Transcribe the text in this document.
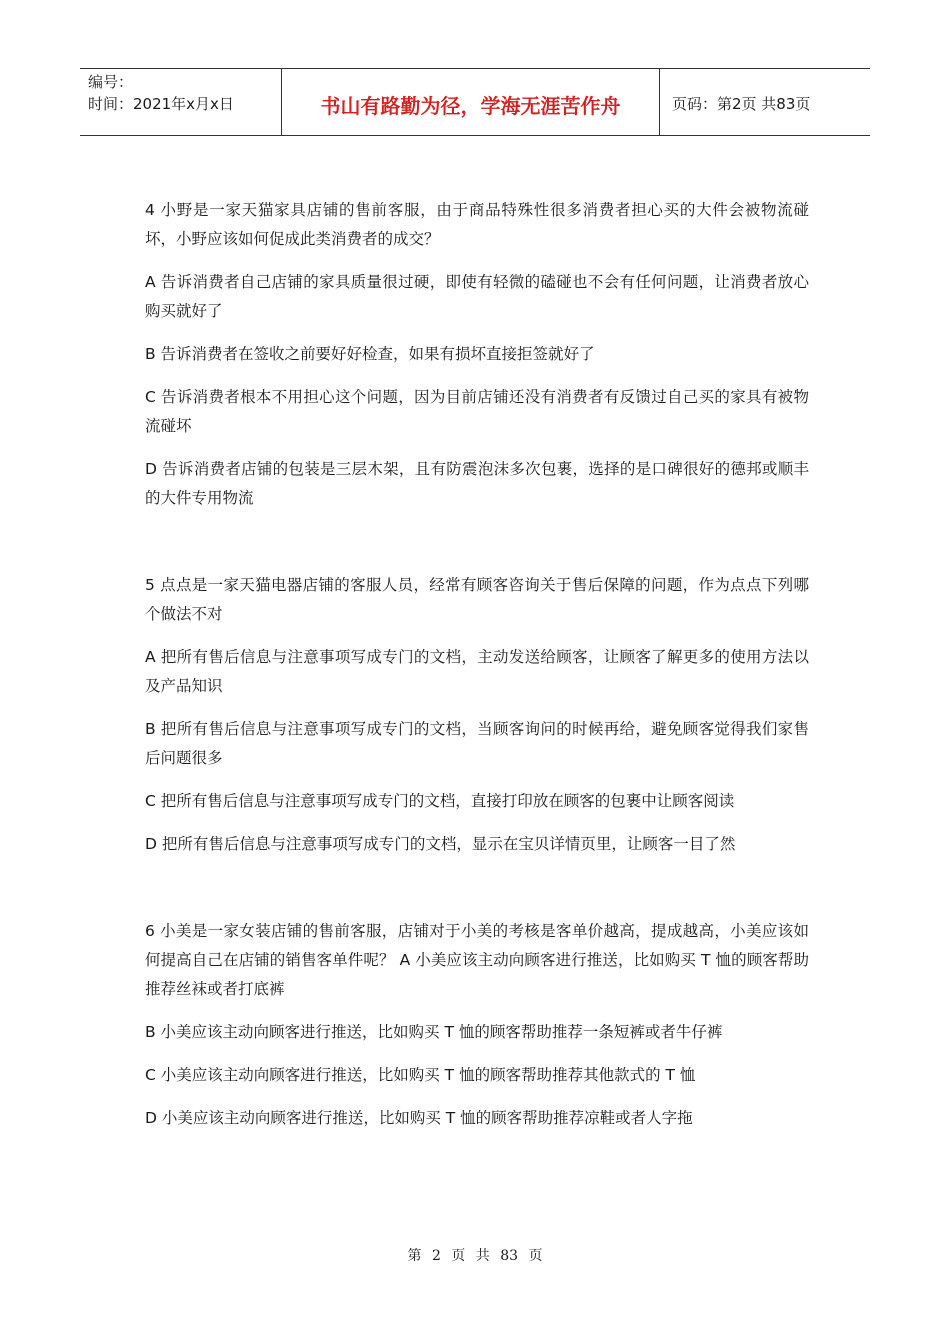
编号：
时间：2021年x月x日	书山有路勤为径，学海无涯苦作舟	页码：第2页 共83页

4 小野是一家天猫家具店铺的售前客服，由于商品特殊性很多消费者担心买的大件会被物流碰坏，小野应该如何促成此类消费者的成交？

A 告诉消费者自己店铺的家具质量很过硬，即使有轻微的磕碰也不会有任何问题，让消费者放心购买就好了

B 告诉消费者在签收之前要好好检查，如果有损坏直接拒签就好了

C 告诉消费者根本不用担心这个问题，因为目前店铺还没有消费者有反馈过自己买的家具有被物流碰坏

D 告诉消费者店铺的包装是三层木架，且有防震泡沫多次包裹，选择的是口碑很好的德邦或顺丰的大件专用物流

5 点点是一家天猫电器店铺的客服人员，经常有顾客咨询关于售后保障的问题，作为点点下列哪个做法不对

A 把所有售后信息与注意事项写成专门的文档，主动发送给顾客，让顾客了解更多的使用方法以及产品知识

B 把所有售后信息与注意事项写成专门的文档，当顾客询问的时候再给，避免顾客觉得我们家售后问题很多

C 把所有售后信息与注意事项写成专门的文档，直接打印放在顾客的包裹中让顾客阅读

D 把所有售后信息与注意事项写成专门的文档，显示在宝贝详情页里，让顾客一目了然

6 小美是一家女装店铺的售前客服，店铺对于小美的考核是客单价越高，提成越高，小美应该如何提高自己在店铺的销售客单件呢？ A 小美应该主动向顾客进行推送，比如购买 T 恤的顾客帮助推荐丝袜或者打底裤

B 小美应该主动向顾客进行推送，比如购买 T 恤的顾客帮助推荐一条短裤或者牛仔裤

C 小美应该主动向顾客进行推送，比如购买 T 恤的顾客帮助推荐其他款式的 T 恤

D 小美应该主动向顾客进行推送，比如购买 T 恤的顾客帮助推荐凉鞋或者人字拖

第 2 页 共 83 页
